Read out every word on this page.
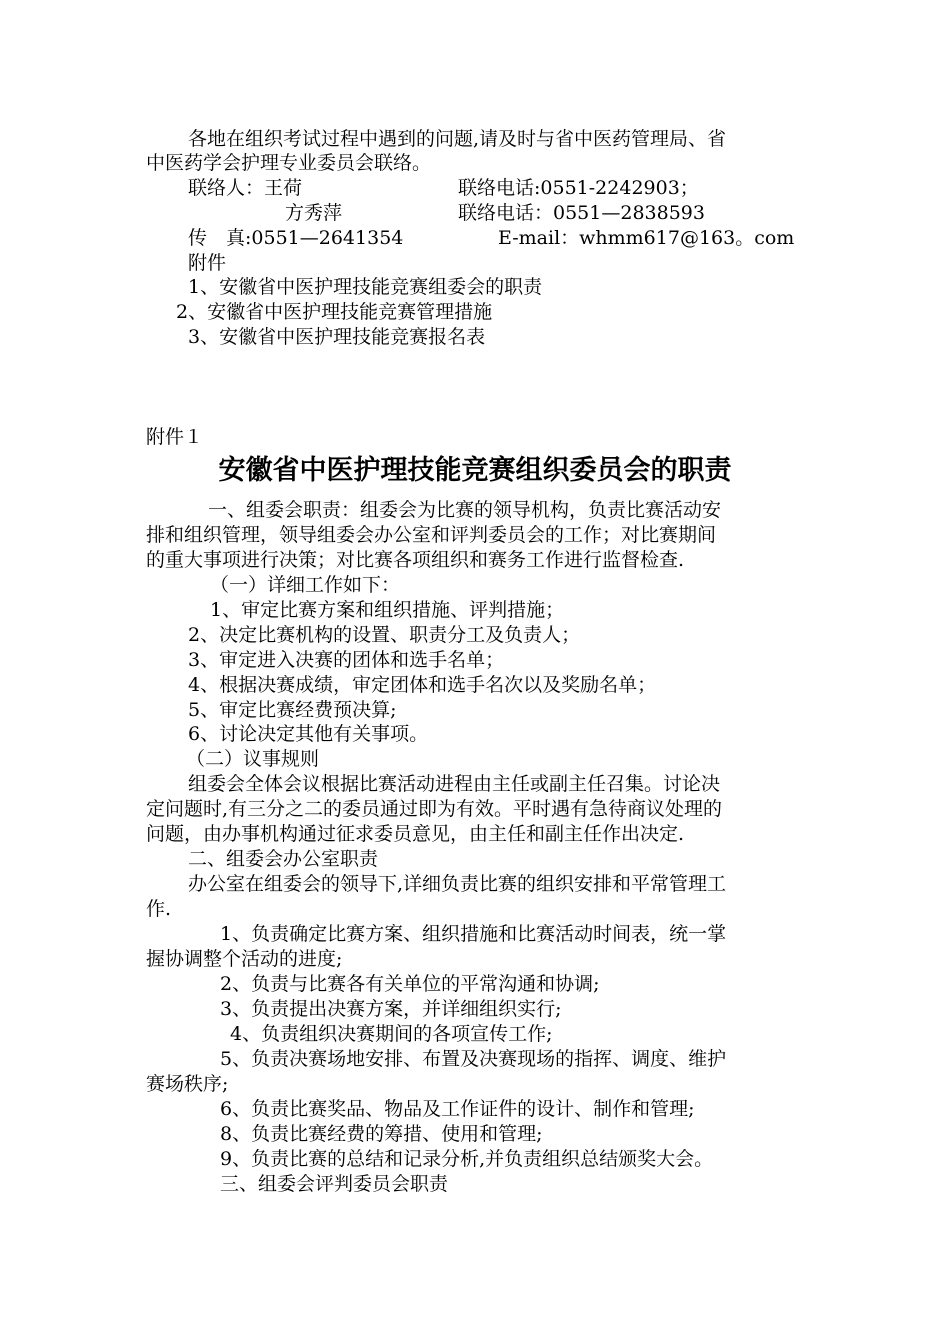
各地在组织考试过程中遇到的问题,请及时与省中医药管理局、省

中医药学会护理专业委员会联络。

联络人：王荷	联络电话:0551-2242903；
方秀萍	联络电话：0551—2838593
传　真:0551—2641354	E-mail：whmm617@163。com

附件

1、安徽省中医护理技能竞赛组委会的职责

2、安徽省中医护理技能竞赛管理措施

3、安徽省中医护理技能竞赛报名表

附件１

安徽省中医护理技能竞赛组织委员会的职责

一、组委会职责：组委会为比赛的领导机构，负责比赛活动安

排和组织管理，领导组委会办公室和评判委员会的工作；对比赛期间

的重大事项进行决策；对比赛各项组织和赛务工作进行监督检查.

（一）详细工作如下：

1、审定比赛方案和组织措施、评判措施；

2、决定比赛机构的设置、职责分工及负责人；

3、审定进入决赛的团体和选手名单；

4、根据决赛成绩，审定团体和选手名次以及奖励名单；

5、审定比赛经费预决算;

6、讨论决定其他有关事项。

（二）议事规则

组委会全体会议根据比赛活动进程由主任或副主任召集。讨论决

定问题时,有三分之二的委员通过即为有效。平时遇有急待商议处理的

问题，由办事机构通过征求委员意见，由主任和副主任作出决定.

二、组委会办公室职责

办公室在组委会的领导下,详细负责比赛的组织安排和平常管理工

作.

1、负责确定比赛方案、组织措施和比赛活动时间表，统一掌

握协调整个活动的进度;

2、负责与比赛各有关单位的平常沟通和协调;

3、负责提出决赛方案，并详细组织实行;

4、负责组织决赛期间的各项宣传工作;

5、负责决赛场地安排、布置及决赛现场的指挥、调度、维护

赛场秩序;

6、负责比赛奖品、物品及工作证件的设计、制作和管理;

8、负责比赛经费的筹措、使用和管理;

9、负责比赛的总结和记录分析,并负责组织总结颁奖大会。

三、组委会评判委员会职责
